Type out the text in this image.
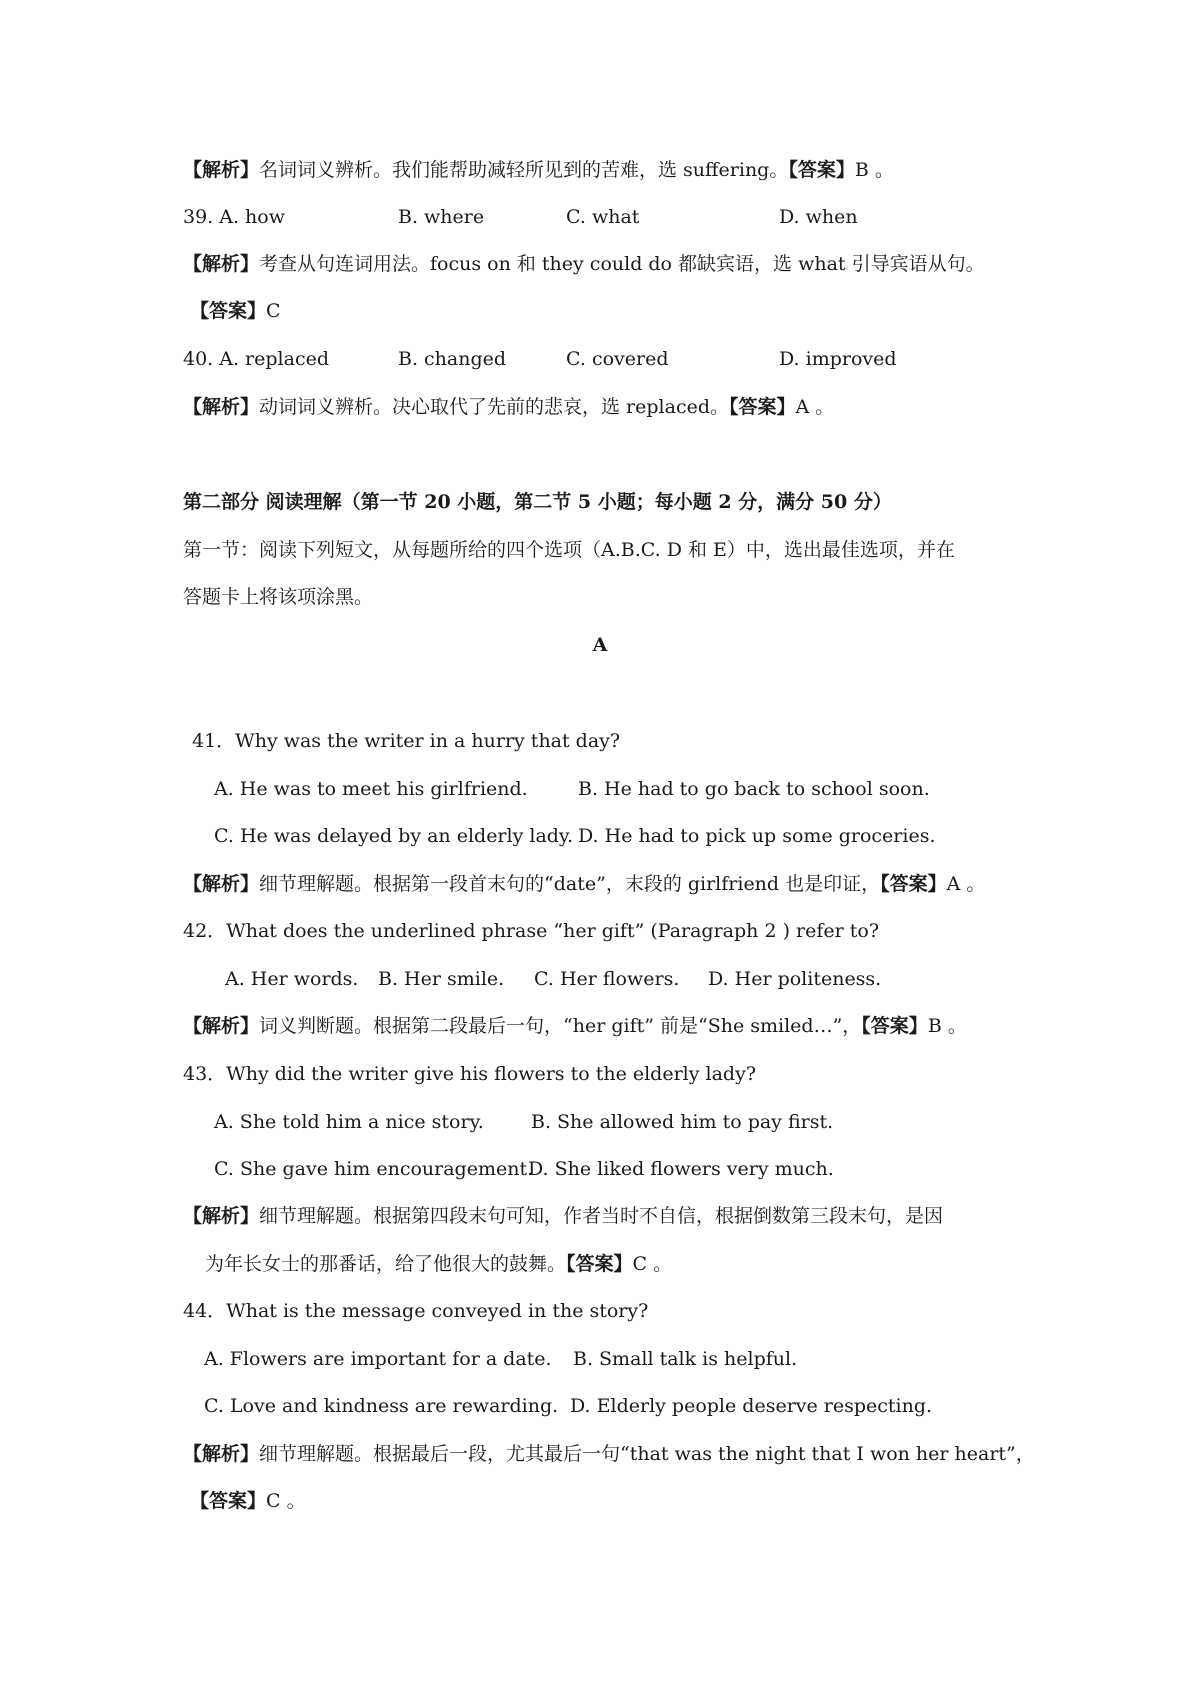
【解析】名词词义辨析。我们能帮助减轻所见到的苦难，选 suffering。【答案】B 。
39. A. how	B. where	C. what	D. when
【解析】考查从句连词用法。focus on 和 they could do 都缺宾语，选 what 引导宾语从句。
【答案】C
40. A. replaced	B. changed	C. covered	D. improved
【解析】动词词义辨析。决心取代了先前的悲哀，选 replaced。【答案】A 。
第二部分 阅读理解（第一节 20 小题，第二节 5 小题；每小题 2 分，满分 50 分）
第一节：阅读下列短文，从每题所给的四个选项（A.B.C. D 和 E）中，选出最佳选项，并在
答题卡上将该项涂黑。
A
41．Why was the writer in a hurry that day?
A. He was to meet his girlfriend.	B. He had to go back to school soon.
C. He was delayed by an elderly lady. D. He had to pick up some groceries.
【解析】细节理解题。根据第一段首末句的“date”，末段的 girlfriend 也是印证，【答案】A 。
42．What does the underlined phrase “her gift” (Paragraph 2 ) refer to?
A. Her words. B. Her smile. C. Her flowers. D. Her politeness.
【解析】词义判断题。根据第二段最后一句，“her gift” 前是“She smiled…”，【答案】B 。
43．Why did the writer give his flowers to the elderly lady?
A. She told him a nice story. B. She allowed him to pay first.
C. She gave him encouragement.
D. She liked flowers very much.
【解析】细节理解题。根据第四段末句可知，作者当时不自信，根据倒数第三段末句，是因
为年长女士的那番话，给了他很大的鼓舞。【答案】C 。
44．What is the message conveyed in the story?
A. Flowers are important for a date. B. Small talk is helpful.
C. Love and kindness are rewarding. D. Elderly people deserve respecting.
【解析】细节理解题。根据最后一段，尤其最后一句“that was the night that I won her heart”，
【答案】C 。
